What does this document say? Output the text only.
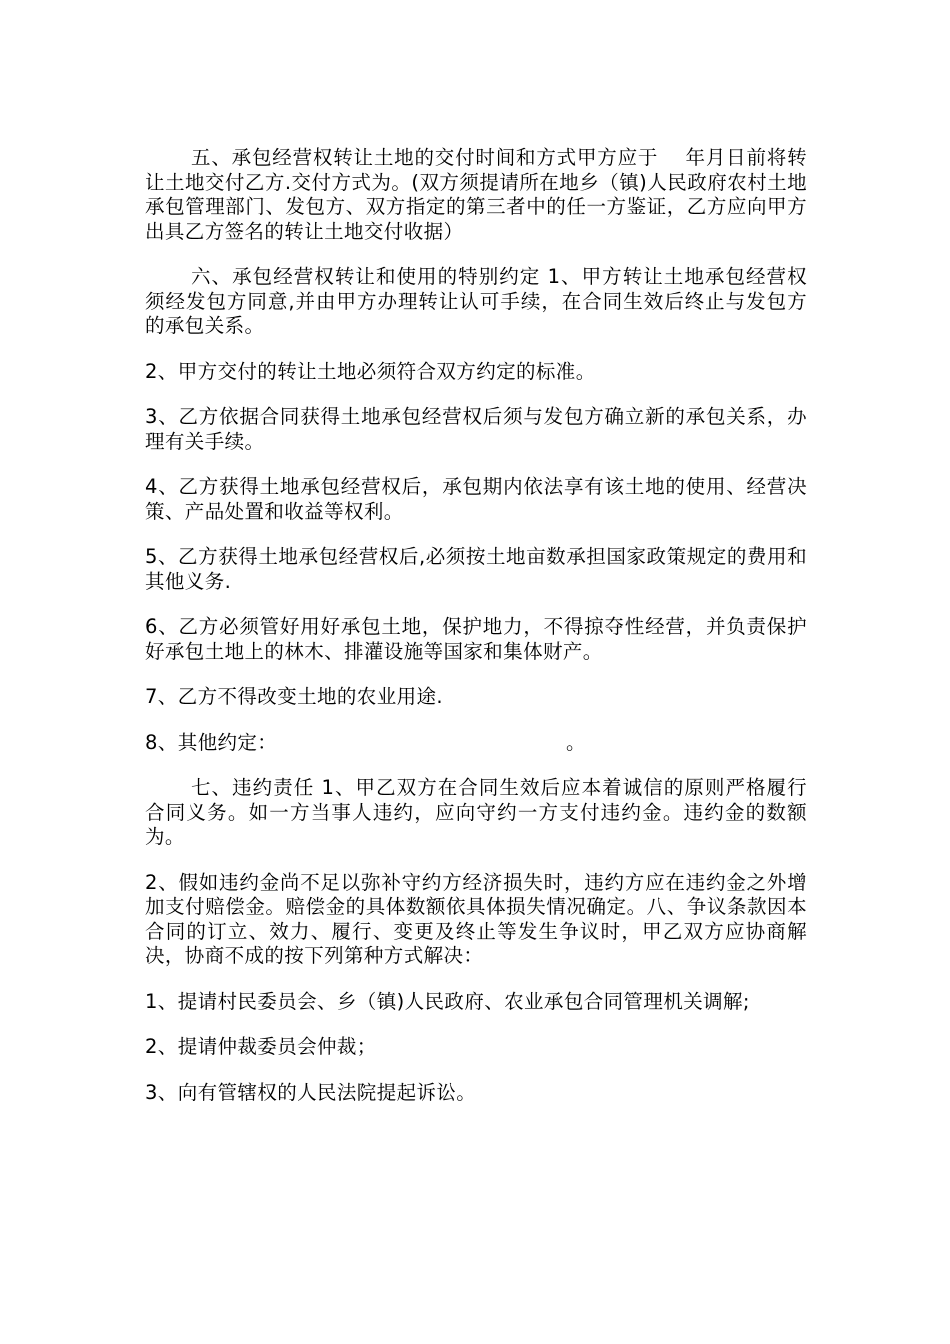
五、承包经营权转让土地的交付时间和方式甲方应于　 年月日前将转让土地交付乙方.交付方式为。(双方须提请所在地乡（镇)人民政府农村土地承包管理部门、发包方、双方指定的第三者中的任一方鉴证，乙方应向甲方出具乙方签名的转让土地交付收据）

六、承包经营权转让和使用的特别约定 1、甲方转让土地承包经营权须经发包方同意,并由甲方办理转让认可手续，在合同生效后终止与发包方的承包关系。

2、甲方交付的转让土地必须符合双方约定的标准。

3、乙方依据合同获得土地承包经营权后须与发包方确立新的承包关系，办理有关手续。

4、乙方获得土地承包经营权后，承包期内依法享有该土地的使用、经营决策、产品处置和收益等权利。

5、乙方获得土地承包经营权后,必须按土地亩数承担国家政策规定的费用和其他义务.

6、乙方必须管好用好承包土地，保护地力，不得掠夺性经营，并负责保护好承包土地上的林木、排灌设施等国家和集体财产。

7、乙方不得改变土地的农业用途.

8、其他约定：　　　　　　　　　　　　　　　。

七、违约责任 1、甲乙双方在合同生效后应本着诚信的原则严格履行合同义务。如一方当事人违约，应向守约一方支付违约金。违约金的数额为。

2、假如违约金尚不足以弥补守约方经济损失时，违约方应在违约金之外增加支付赔偿金。赔偿金的具体数额依具体损失情况确定。八、争议条款因本合同的订立、效力、履行、变更及终止等发生争议时，甲乙双方应协商解决，协商不成的按下列第种方式解决：

1、提请村民委员会、乡（镇)人民政府、农业承包合同管理机关调解;

2、提请仲裁委员会仲裁；

3、向有管辖权的人民法院提起诉讼。
